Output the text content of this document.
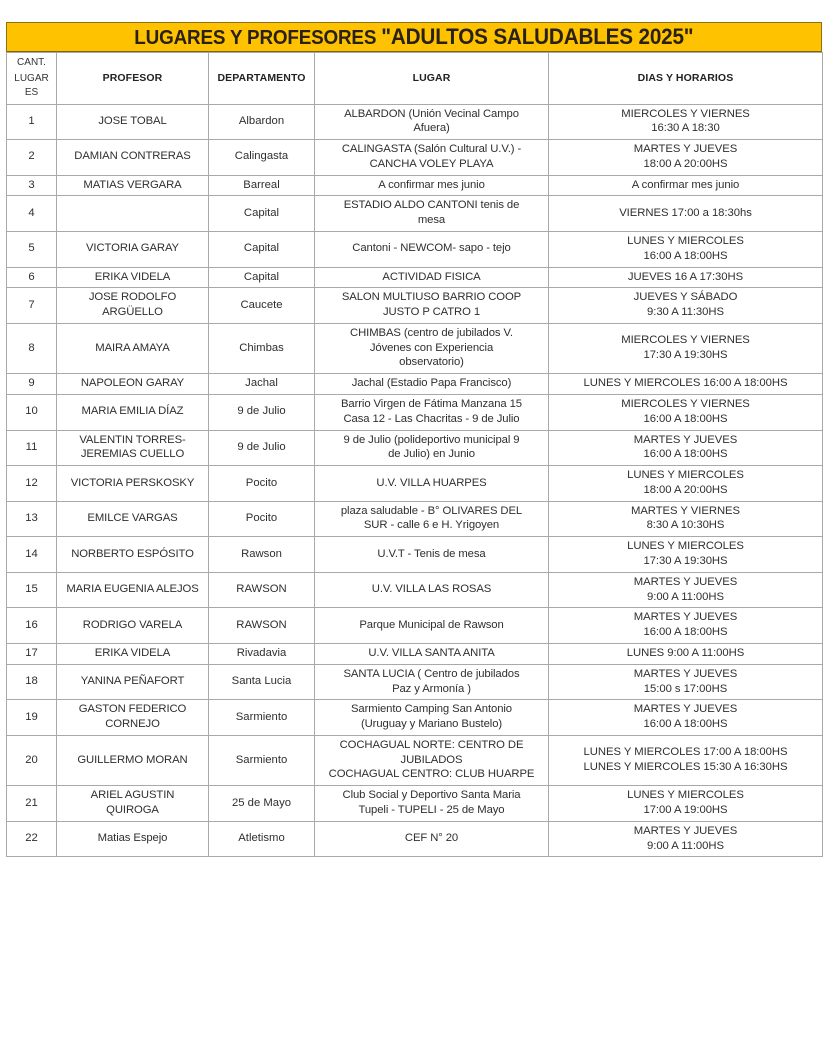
LUGARES Y PROFESORES "ADULTOS SALUDABLES 2025"
CANT.
LUGARES	PROFESOR	DEPARTAMENTO	LUGAR	DIAS Y HORARIOS
1	JOSE TOBAL	Albardon	ALBARDON (Unión Vecinal Campo
Afuera)	MIERCOLES Y VIERNES
16:30 A 18:30

2	DAMIAN CONTRERAS	Calingasta	CALINGASTA (Salón Cultural U.V.) -
CANCHA VOLEY PLAYA	MARTES Y JUEVES
18:00 A 20:00HS

3	MATIAS VERGARA	Barreal	A confirmar mes junio	A confirmar mes junio

4		Capital	ESTADIO ALDO CANTONI tenis de
mesa	VIERNES 17:00 a 18:30hs

5	VICTORIA GARAY	Capital	Cantoni - NEWCOM- sapo - tejo	LUNES Y MIERCOLES
16:00 A 18:00HS

6	ERIKA VIDELA	Capital	ACTIVIDAD FISICA	JUEVES 16 A 17:30HS

7	JOSE RODOLFO
ARGÜELLO	Caucete	SALON MULTIUSO BARRIO COOP
JUSTO P CATRO 1	JUEVES Y SÁBADO
9:30 A 11:30HS

8	MAIRA AMAYA	Chimbas	CHIMBAS (centro de jubilados V.
Jóvenes con Experiencia
observatorio)	MIERCOLES Y VIERNES
17:30 A 19:30HS

9	NAPOLEON GARAY	Jachal	Jachal (Estadio Papa Francisco)	LUNES Y MIERCOLES 16:00 A 18:00HS

10	MARIA EMILIA DÍAZ	9 de Julio	Barrio Virgen de Fátima Manzana 15
Casa 12 - Las Chacritas - 9 de Julio	MIERCOLES Y VIERNES
16:00 A 18:00HS

11	VALENTIN TORRES-
JEREMIAS CUELLO	9 de Julio	9 de Julio (polideportivo municipal 9
de Julio) en Junio	MARTES Y JUEVES
16:00 A 18:00HS

12	VICTORIA PERSKOSKY	Pocito	U.V. VILLA HUARPES	LUNES Y MIERCOLES
18:00 A 20:00HS

13	EMILCE VARGAS	Pocito	plaza saludable - B° OLIVARES DEL
SUR - calle 6 e H. Yrigoyen	MARTES Y VIERNES
8:30 A 10:30HS

14	NORBERTO ESPÓSITO	Rawson	U.V.T - Tenis de mesa	LUNES Y MIERCOLES
17:30 A 19:30HS

15	MARIA EUGENIA ALEJOS	RAWSON	U.V. VILLA LAS ROSAS	MARTES Y JUEVES
9:00 A 11:00HS

16	RODRIGO VARELA	RAWSON	Parque Municipal de Rawson	MARTES Y JUEVES
16:00 A 18:00HS

17	ERIKA VIDELA	Rivadavia	U.V. VILLA SANTA ANITA	LUNES 9:00 A 11:00HS

18	YANINA PEÑAFORT	Santa Lucia	SANTA LUCIA ( Centro de jubilados
Paz y Armonía )	MARTES Y JUEVES
15:00 s 17:00HS

19	GASTON FEDERICO
CORNEJO	Sarmiento	Sarmiento Camping San Antonio
(Uruguay y Mariano Bustelo)	MARTES Y JUEVES
16:00 A 18:00HS

20	GUILLERMO MORAN	Sarmiento	COCHAGUAL NORTE: CENTRO DE
JUBILADOS
COCHAGUAL CENTRO: CLUB HUARPE	LUNES Y MIERCOLES 17:00 A 18:00HS
LUNES Y MIERCOLES 15:30 A 16:30HS

21	ARIEL AGUSTIN
QUIROGA	25 de Mayo	Club Social y Deportivo Santa Maria
Tupeli - TUPELI - 25 de Mayo	LUNES Y MIERCOLES
17:00 A 19:00HS

22	Matias Espejo	Atletismo	CEF N° 20	MARTES Y JUEVES
9:00 A 11:00HS
